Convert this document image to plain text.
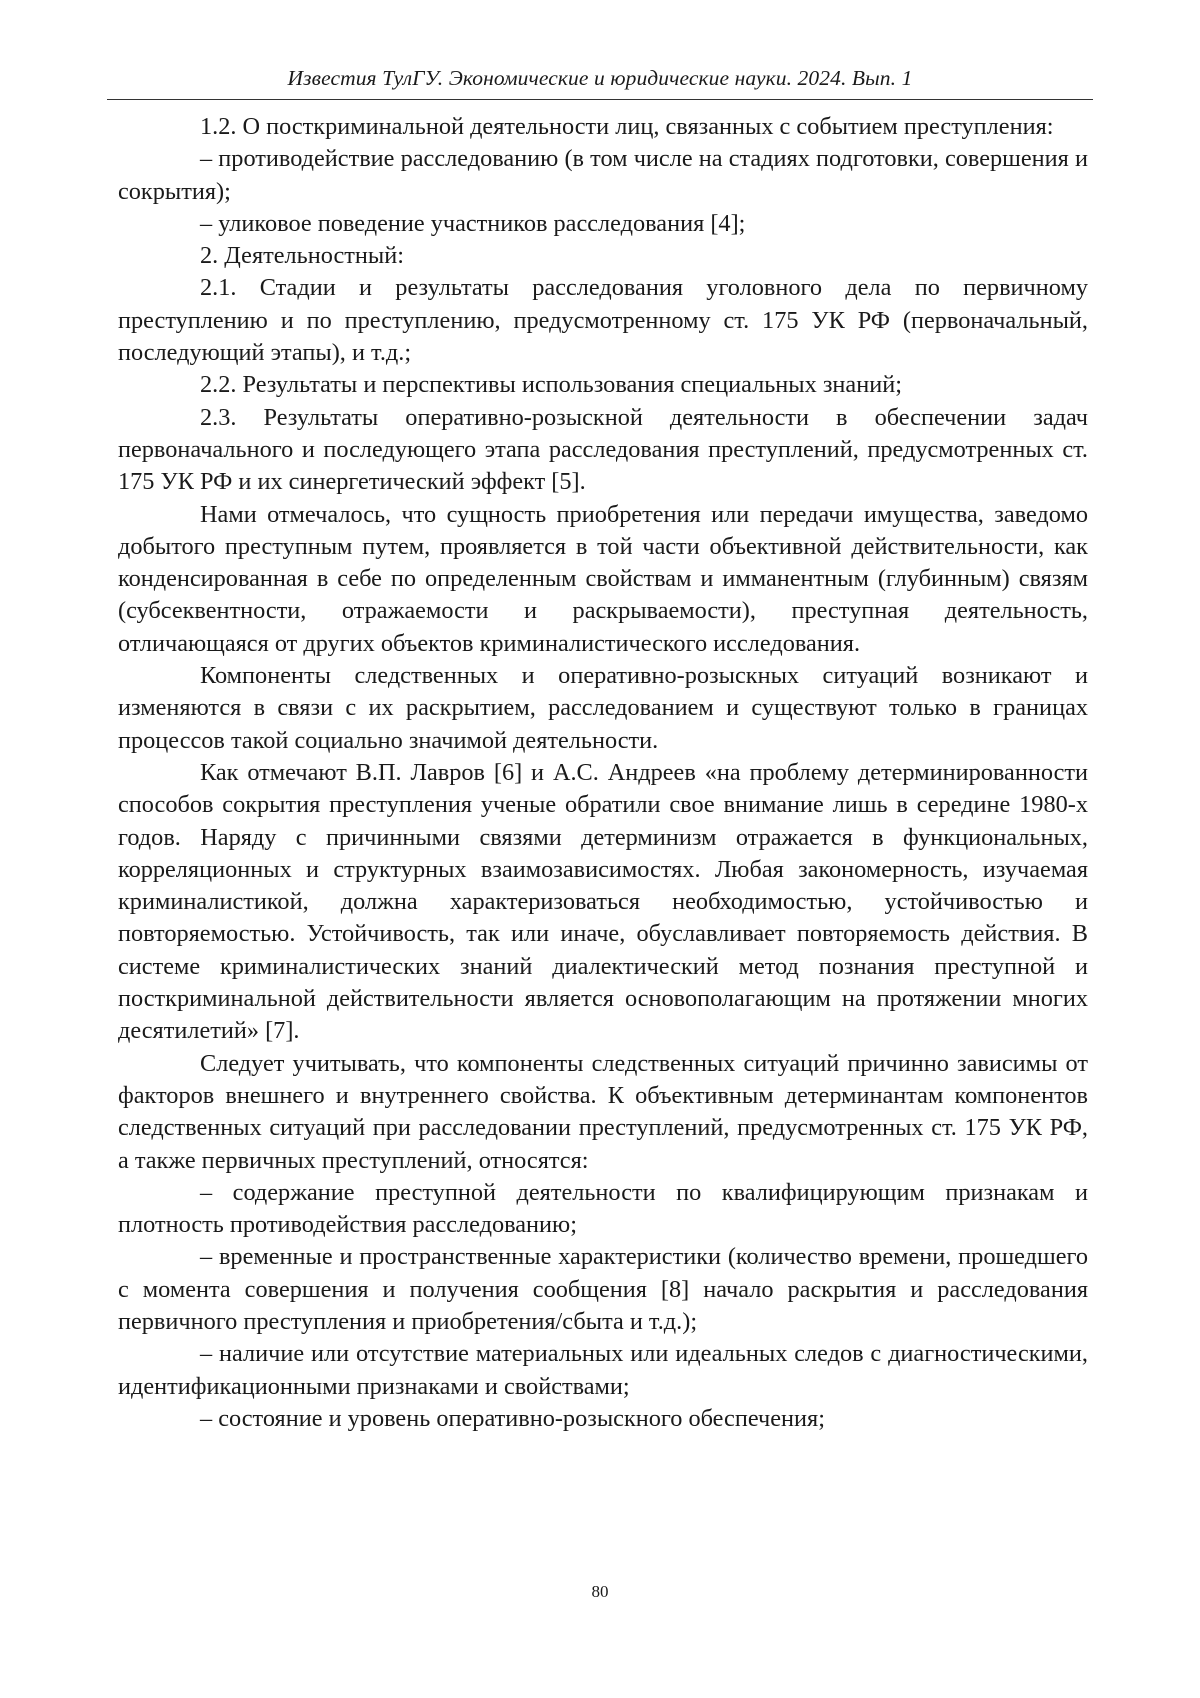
Известия ТулГУ. Экономические и юридические науки. 2024. Вып. 1

1.2. О посткриминальной деятельности лиц, связанных с событием преступления:

– противодействие расследованию (в том числе на стадиях подготовки, совершения и сокрытия);

– уликовое поведение участников расследования [4];

2. Деятельностный:

2.1. Стадии и результаты расследования уголовного дела по первичному преступлению и по преступлению, предусмотренному ст. 175 УК РФ (первоначальный, последующий этапы), и т.д.;

2.2. Результаты и перспективы использования специальных знаний;

2.3. Результаты оперативно-розыскной деятельности в обеспечении задач первоначального и последующего этапа расследования преступлений, предусмотренных ст. 175 УК РФ и их синергетический эффект [5].

Нами отмечалось, что сущность приобретения или передачи имущества, заведомо добытого преступным путем, проявляется в той части объективной действительности, как конденсированная в себе по определенным свойствам и имманентным (глубинным) связям (субсеквентности, отражаемости и раскрываемости), преступная деятельность, отличающаяся от других объектов криминалистического исследования.

Компоненты следственных и оперативно-розыскных ситуаций возникают и изменяются в связи с их раскрытием, расследованием и существуют только в границах процессов такой социально значимой деятельности.

Как отмечают В.П. Лавров [6] и А.С. Андреев «на проблему детерминированности способов сокрытия преступления ученые обратили свое внимание лишь в середине 1980-х годов. Наряду с причинными связями детерминизм отражается в функциональных, корреляционных и структурных взаимозависимостях. Любая закономерность, изучаемая криминалистикой, должна характеризоваться необходимостью, устойчивостью и повторяемостью. Устойчивость, так или иначе, обуславливает повторяемость действия. В системе криминалистических знаний диалектический метод познания преступной и посткриминальной действительности является основополагающим на протяжении многих десятилетий» [7].

Следует учитывать, что компоненты следственных ситуаций причинно зависимы от факторов внешнего и внутреннего свойства. К объективным детерминантам компонентов следственных ситуаций при расследовании преступлений, предусмотренных ст. 175 УК РФ, а также первичных преступлений, относятся:

– содержание преступной деятельности по квалифицирующим признакам и плотность противодействия расследованию;

– временные и пространственные характеристики (количество времени, прошедшего с момента совершения и получения сообщения [8] начало раскрытия и расследования первичного преступления и приобретения/сбыта и т.д.);

– наличие или отсутствие материальных или идеальных следов с диагностическими, идентификационными признаками и свойствами;

– состояние и уровень оперативно-розыскного обеспечения;

80
